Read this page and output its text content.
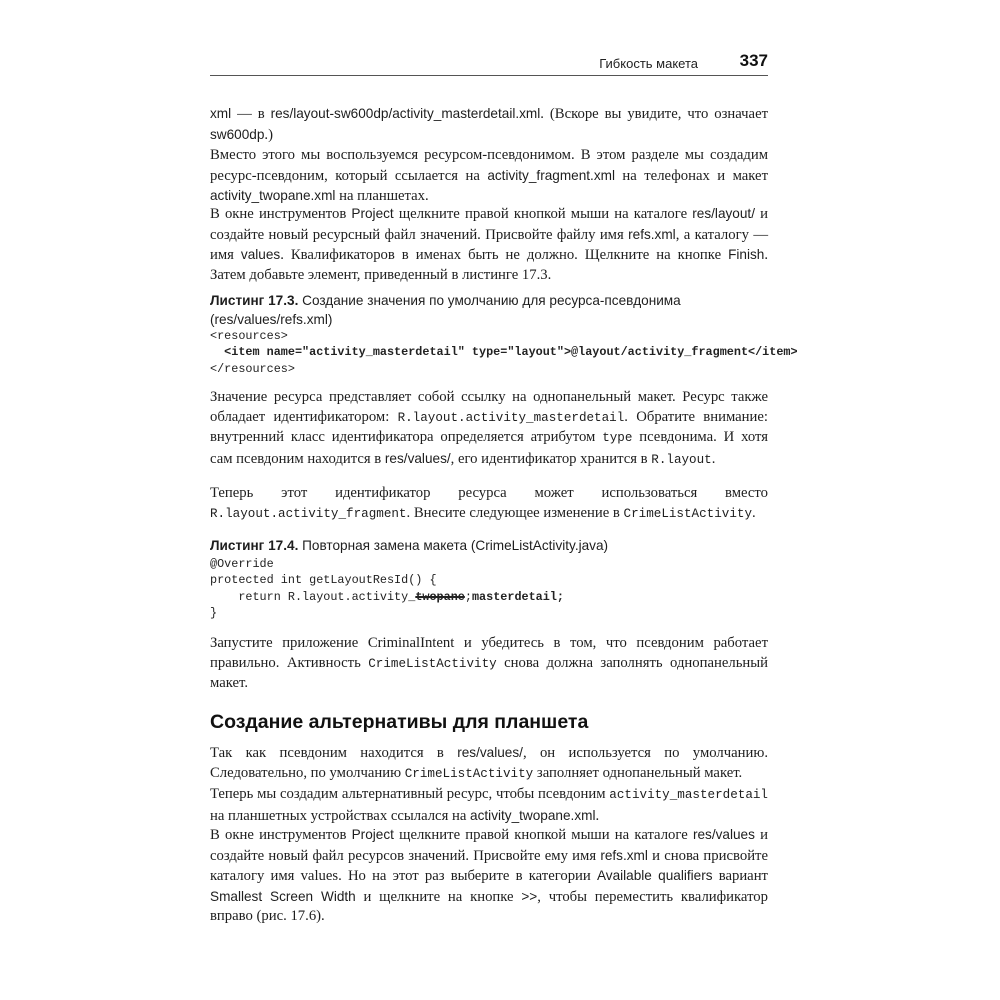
Гибкость макета 337
xml — в res/layout-sw600dp/activity_masterdetail.xml. (Вскоре вы увидите, что означает sw600dp.)
Вместо этого мы воспользуемся ресурсом-псевдонимом. В этом разделе мы создадим ресурс-псевдоним, который ссылается на activity_fragment.xml на телефонах и макет activity_twopane.xml на планшетах.
В окне инструментов Project щелкните правой кнопкой мыши на каталоге res/layout/ и создайте новый ресурсный файл значений. Присвойте файлу имя refs.xml, а каталогу — имя values. Квалификаторов в именах быть не должно. Щелкните на кнопке Finish. Затем добавьте элемент, приведенный в листинге 17.3.
Листинг 17.3. Создание значения по умолчанию для ресурса-псевдонима (res/values/refs.xml)
<resources>
<item name="activity_masterdetail" type="layout">@layout/activity_fragment</item>
</resources>
Значение ресурса представляет собой ссылку на однопанельный макет. Ресурс также обладает идентификатором: R.layout.activity_masterdetail. Обратите внимание: внутренний класс идентификатора определяется атрибутом type псевдонима. И хотя сам псевдоним находится в res/values/, его идентификатор хранится в R.layout.
Теперь этот идентификатор ресурса может использоваться вместо R.layout.activity_fragment. Внесите следующее изменение в CrimeListActivity.
Листинг 17.4. Повторная замена макета (CrimeListActivity.java)
@Override
protected int getLayoutResId() {
return R.layout.activity_twopane;masterdetail;
}
Запустите приложение CriminalIntent и убедитесь в том, что псевдоним работает правильно. Активность CrimeListActivity снова должна заполнять однопанельный макет.
Создание альтернативы для планшета
Так как псевдоним находится в res/values/, он используется по умолчанию. Следовательно, по умолчанию CrimeListActivity заполняет однопанельный макет.
Теперь мы создадим альтернативный ресурс, чтобы псевдоним activity_masterdetail на планшетных устройствах ссылался на activity_twopane.xml.
В окне инструментов Project щелкните правой кнопкой мыши на каталоге res/values и создайте новый файл ресурсов значений. Присвойте ему имя refs.xml и снова присвойте каталогу имя values. Но на этот раз выберите в категории Available qualifiers вариант Smallest Screen Width и щелкните на кнопке >>, чтобы переместить квалификатор вправо (рис. 17.6).
